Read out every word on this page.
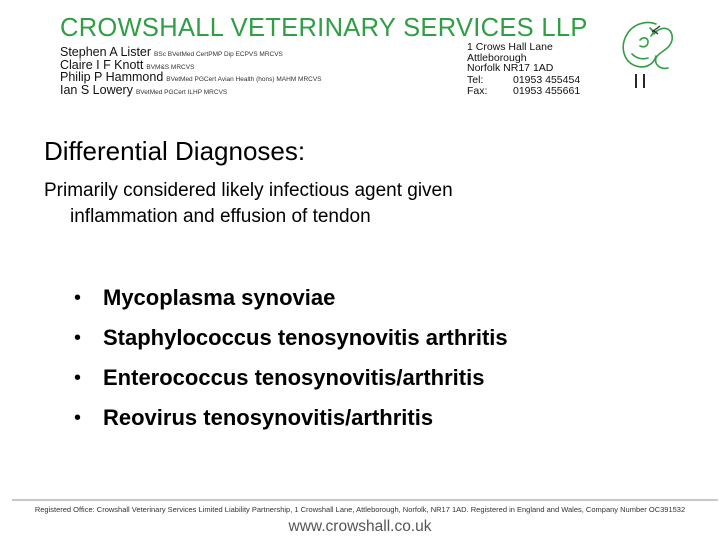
CROWSHALL VETERINARY SERVICES LLP
Stephen A Lister BSc BVetMed CertPMP Dip ECPVS MRCVS
Claire I F Knott BVM&S MRCVS
Philip P Hammond BVetMed PGCert Avian Health (hons) MAHM MRCVS
Ian S Lowery BVetMed PGCert ILHP MRCVS
1 Crows Hall Lane
Attleborough
Norfolk NR17 1AD
Tel:	01953 455454
Fax: 01953 455661
Differential Diagnoses:
Primarily considered likely infectious agent given
inflammation and effusion of tendon
• Mycoplasma synoviae
• Staphylococcus tenosynovitis arthritis
• Enterococcus tenosynovitis/arthritis
• Reovirus tenosynovitis/arthritis
Registered Office: Crowshall Veterinary Services Limited Liability Partnership, 1 Crowshall Lane, Attleborough, Norfolk, NR17 1AD. Registered in England and Wales, Company Number OC391532
www.crowshall.co.uk
